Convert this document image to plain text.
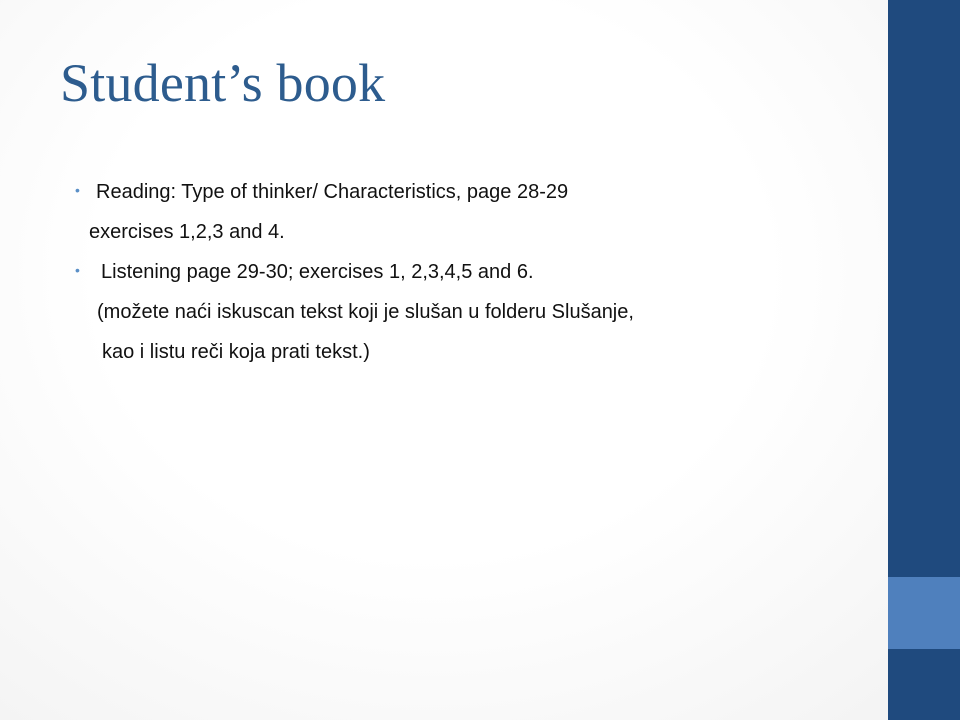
Student’s book
• Reading: Type of thinker/ Characteristics, page 28-29
exercises 1,2,3 and 4.
• Listening page 29-30; exercises 1, 2,3,4,5 and 6.
(možete naći iskuscan tekst koji je slušan u folderu Slušanje,
kao i listu reči koja prati tekst.)
